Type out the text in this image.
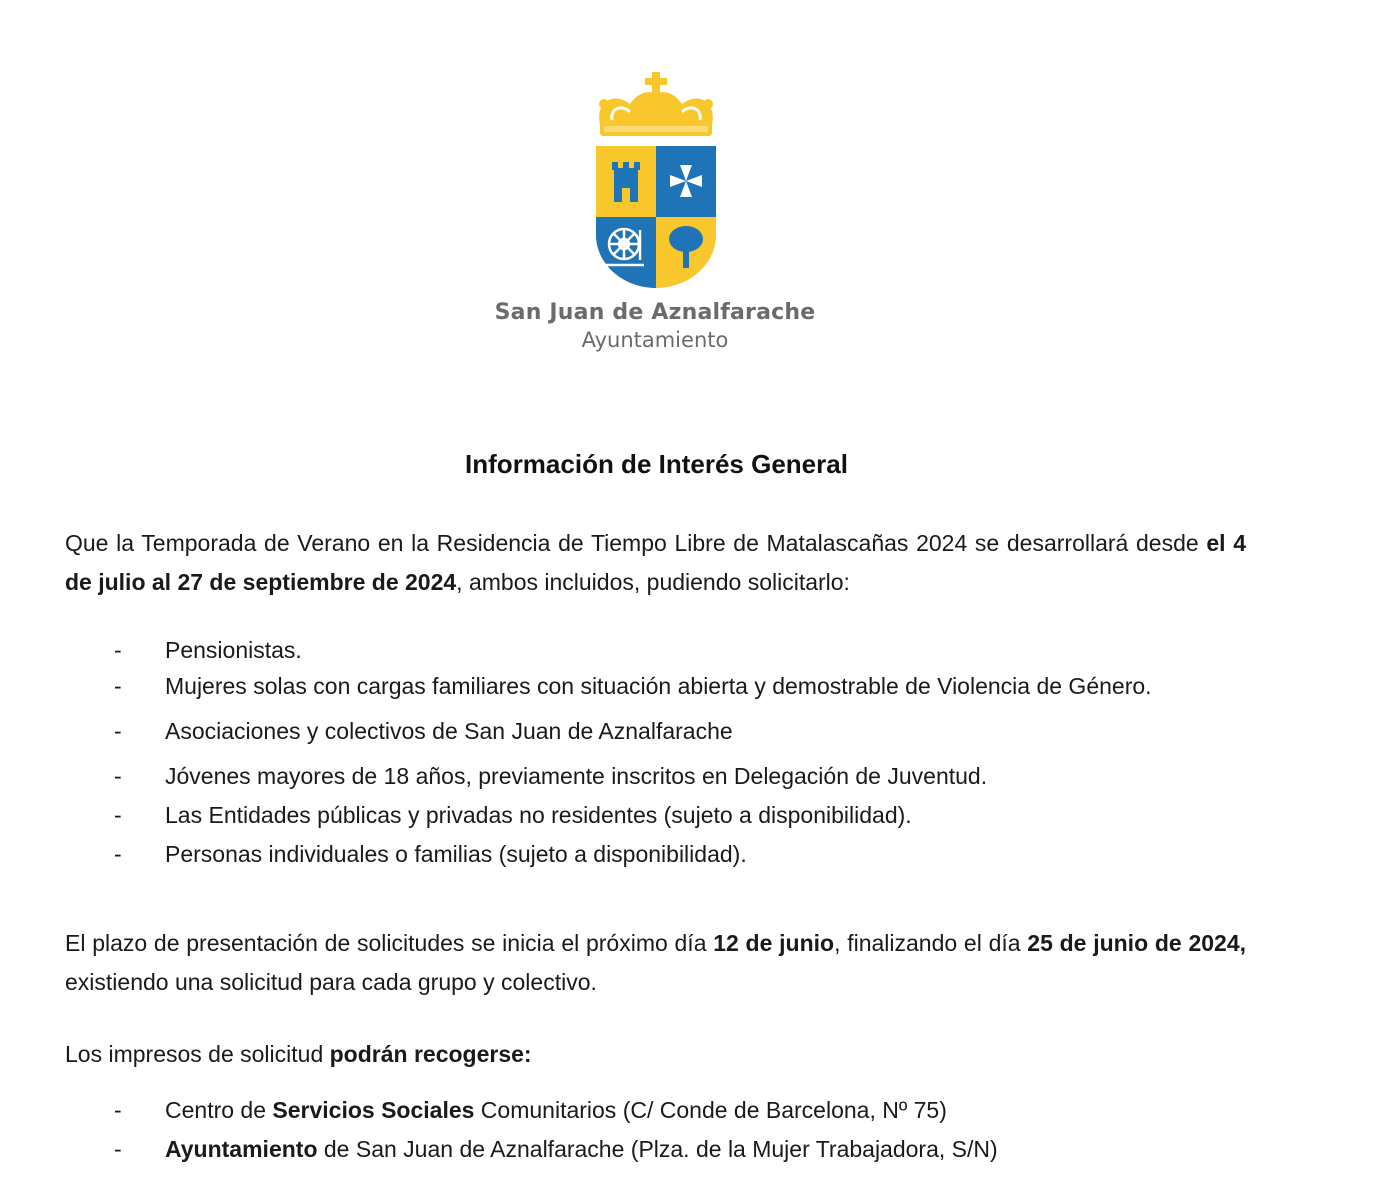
San Juan de Aznalfarache
Ayuntamiento
Información de Interés General

Que la Temporada de Verano en la Residencia de Tiempo Libre de Matalascañas 2024 se desarrollará desde el 4 de julio al 27 de septiembre de 2024, ambos incluidos, pudiendo solicitarlo:

- Pensionistas.
- Mujeres solas con cargas familiares con situación abierta y demostrable de Violencia de Género.
- Asociaciones y colectivos de San Juan de Aznalfarache
- Jóvenes mayores de 18 años, previamente inscritos en Delegación de Juventud.
- Las Entidades públicas y privadas no residentes (sujeto a disponibilidad).
- Personas individuales o familias (sujeto a disponibilidad).

El plazo de presentación de solicitudes se inicia el próximo día 12 de junio, finalizando el día 25 de junio de 2024, existiendo una solicitud para cada grupo y colectivo.

Los impresos de solicitud podrán recogerse:

- Centro de Servicios Sociales Comunitarios (C/ Conde de Barcelona, Nº 75)
- Ayuntamiento de San Juan de Aznalfarache (Plza. de la Mujer Trabajadora, S/N)
